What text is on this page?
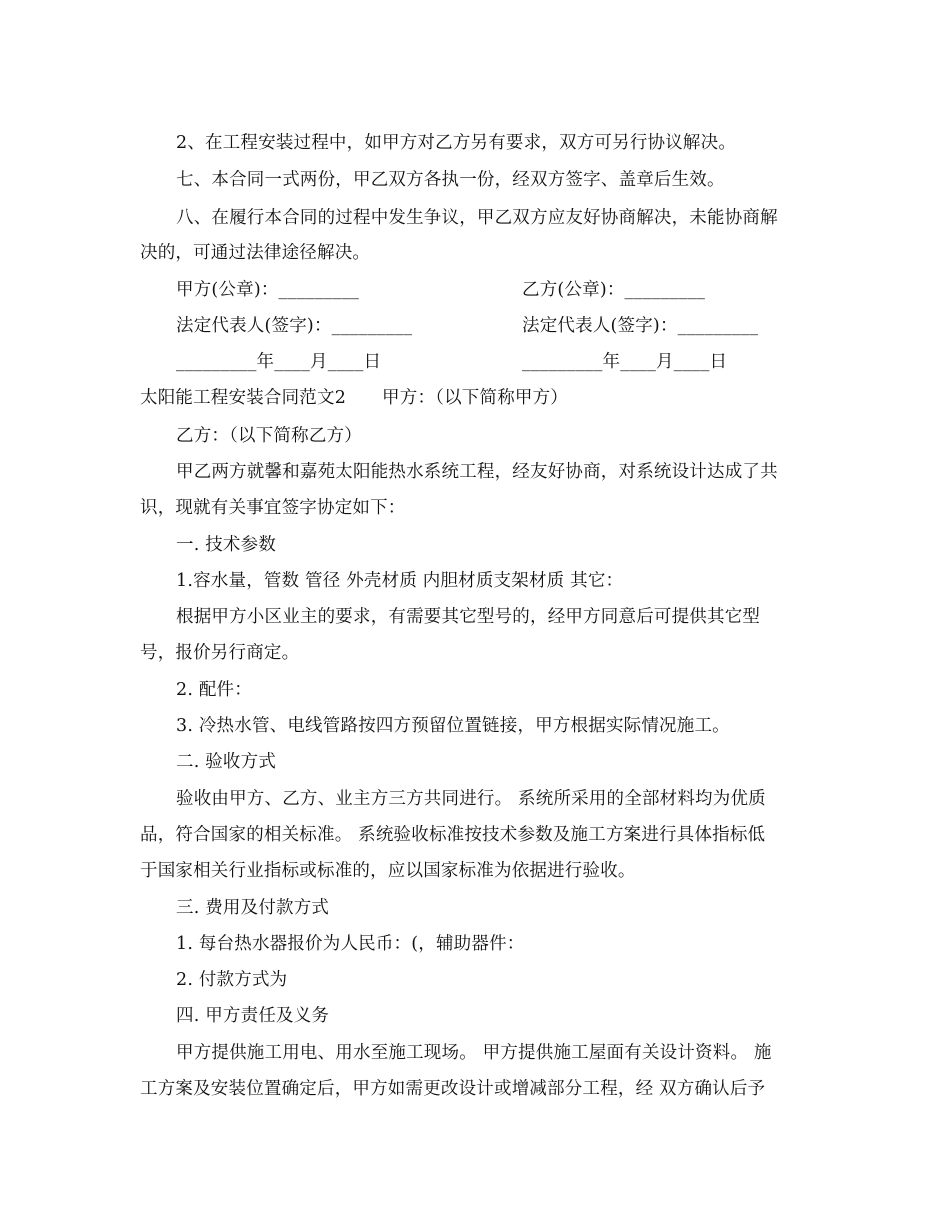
2、在工程安装过程中，如甲方对乙方另有要求，双方可另行协议解决。
七、本合同一式两份，甲乙双方各执一份，经双方签字、盖章后生效。
八、在履行本合同的过程中发生争议，甲乙双方应友好协商解决，未能协商解
决的，可通过法律途径解决。
甲方(公章)：_________	乙方(公章)：_________
法定代表人(签字)：_________	法定代表人(签字)：_________
_________年____月____日	_________年____月____日
太阳能工程安装合同范文2 甲方：（以下简称甲方）
乙方：（以下简称乙方）
甲乙两方就馨和嘉苑太阳能热水系统工程，经友好协商，对系统设计达成了共
识，现就有关事宜签字协定如下：
一. 技术参数
1.容水量，管数 管径 外壳材质 内胆材质支架材质 其它：
根据甲方小区业主的要求，有需要其它型号的，经甲方同意后可提供其它型
号，报价另行商定。
2. 配件：
3. 冷热水管、电线管路按四方预留位置链接，甲方根据实际情况施工。
二. 验收方式
验收由甲方、乙方、业主方三方共同进行。 系统所采用的全部材料均为优质
品，符合国家的相关标准。 系统验收标准按技术参数及施工方案进行具体指标低
于国家相关行业指标或标准的，应以国家标准为依据进行验收。
三. 费用及付款方式
1. 每台热水器报价为人民币：(，辅助器件：
2. 付款方式为
四. 甲方责任及义务
甲方提供施工用电、用水至施工现场。 甲方提供施工屋面有关设计资料。 施
工方案及安装位置确定后，甲方如需更改设计或增减部分工程，经 双方确认后予
